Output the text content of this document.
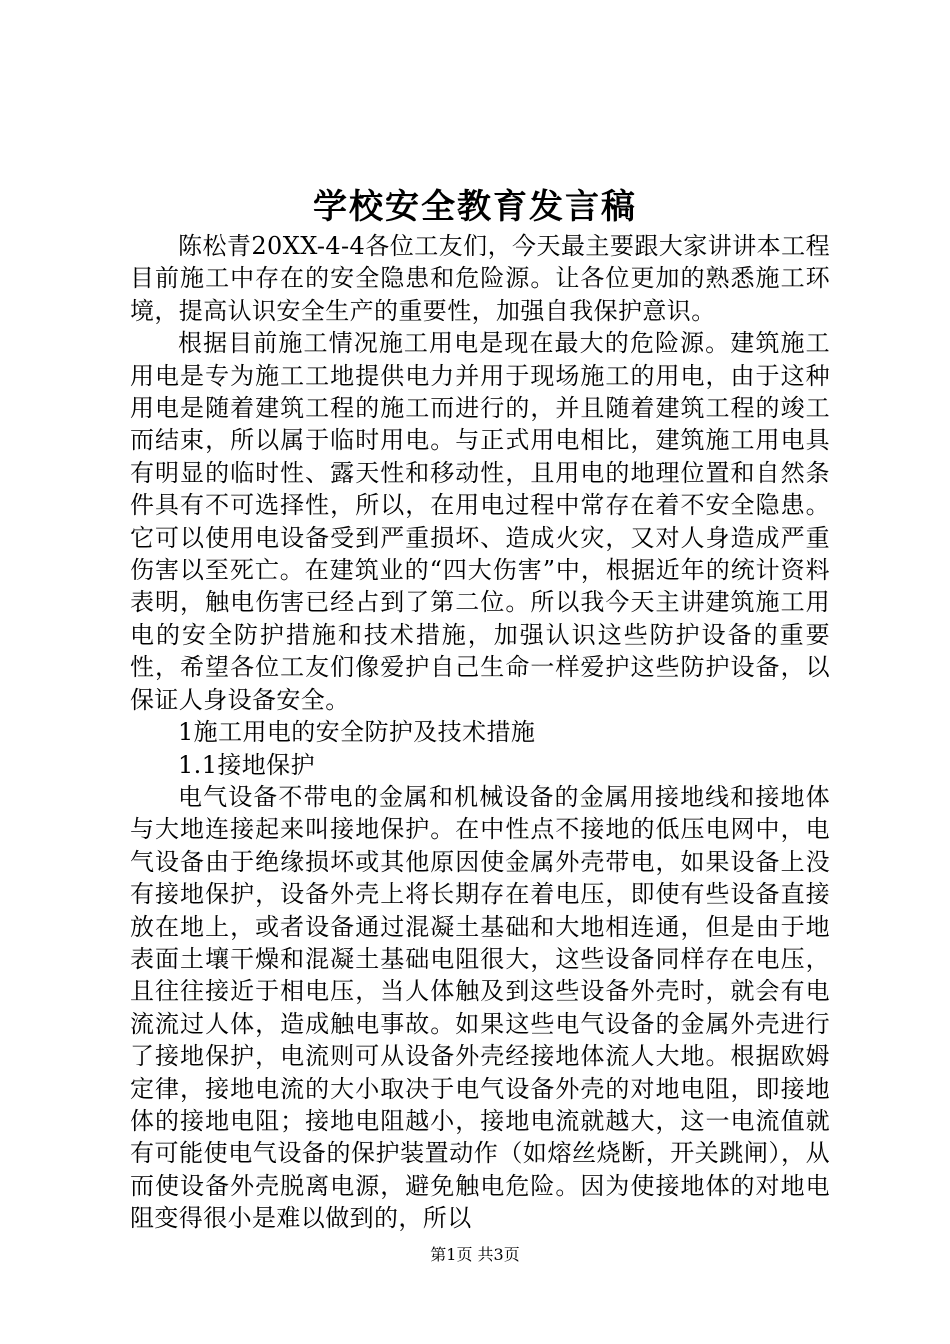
学校安全教育发言稿

陈松青20XX-4-4各位工友们，今天最主要跟大家讲讲本工程目前施工中存在的安全隐患和危险源。让各位更加的熟悉施工环境，提高认识安全生产的重要性，加强自我保护意识。

根据目前施工情况施工用电是现在最大的危险源。建筑施工用电是专为施工工地提供电力并用于现场施工的用电，由于这种用电是随着建筑工程的施工而进行的，并且随着建筑工程的竣工而结束，所以属于临时用电。与正式用电相比，建筑施工用电具有明显的临时性、露天性和移动性，且用电的地理位置和自然条件具有不可选择性，所以，在用电过程中常存在着不安全隐患。它可以使用电设备受到严重损坏、造成火灾，又对人身造成严重伤害以至死亡。在建筑业的“四大伤害”中，根据近年的统计资料表明，触电伤害已经占到了第二位。所以我今天主讲建筑施工用电的安全防护措施和技术措施，加强认识这些防护设备的重要性，希望各位工友们像爱护自己生命一样爱护这些防护设备，以保证人身设备安全。

1施工用电的安全防护及技术措施

1.1接地保护

电气设备不带电的金属和机械设备的金属用接地线和接地体与大地连接起来叫接地保护。在中性点不接地的低压电网中，电气设备由于绝缘损坏或其他原因使金属外壳带电，如果设备上没有接地保护，设备外壳上将长期存在着电压，即使有些设备直接放在地上，或者设备通过混凝土基础和大地相连通，但是由于地表面土壤干燥和混凝土基础电阻很大，这些设备同样存在电压，且往往接近于相电压，当人体触及到这些设备外壳时，就会有电流流过人体，造成触电事故。如果这些电气设备的金属外壳进行了接地保护，电流则可从设备外壳经接地体流人大地。根据欧姆定律，接地电流的大小取决于电气设备外壳的对地电阻，即接地体的接地电阻；接地电阻越小，接地电流就越大，这一电流值就有可能使电气设备的保护装置动作（如熔丝烧断，开关跳闸），从而使设备外壳脱离电源，避免触电危险。因为使接地体的对地电阻变得很小是难以做到的，所以

第1页 共3页
